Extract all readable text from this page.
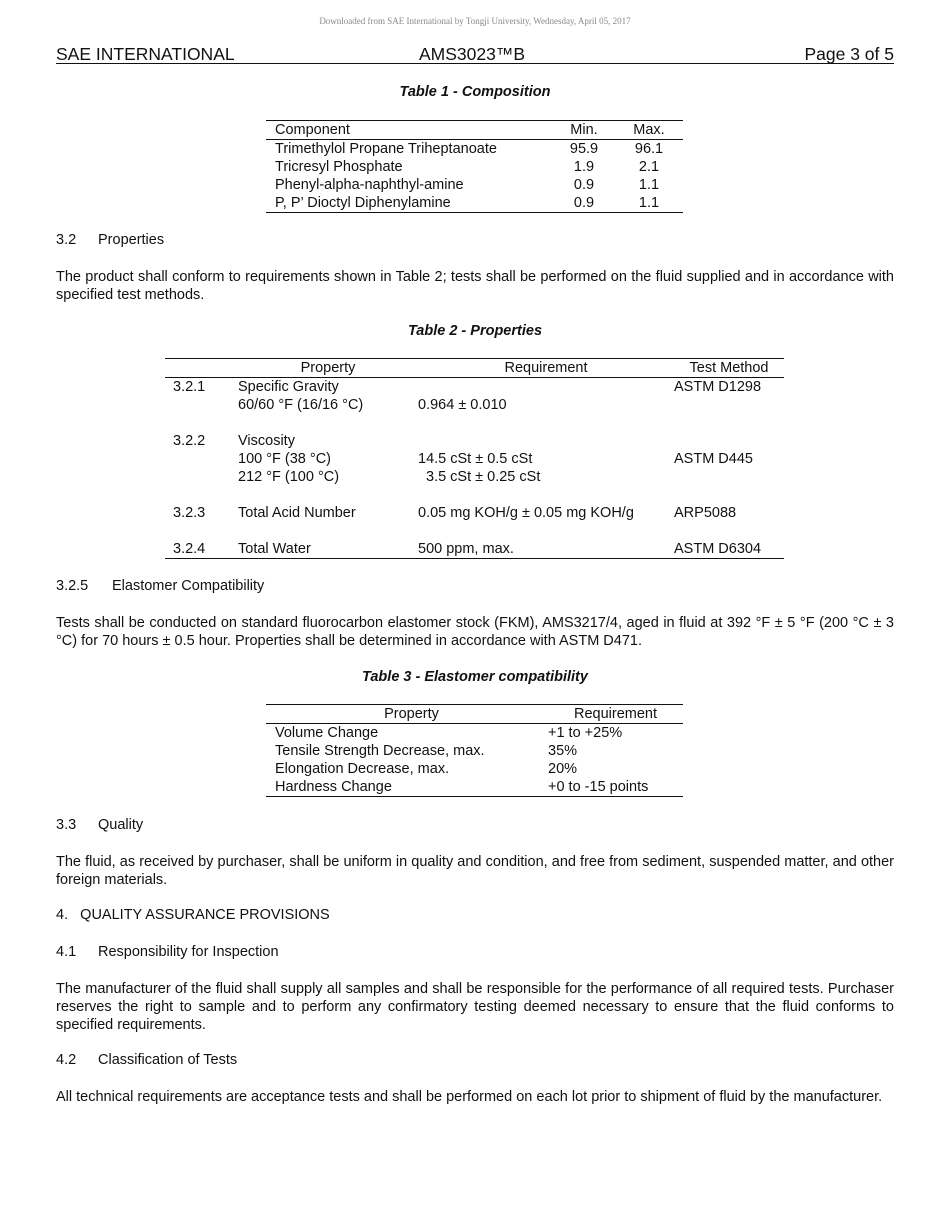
Downloaded from SAE International by Tongji University, Wednesday, April 05, 2017
SAE INTERNATIONAL	AMS3023™B	Page 3 of 5
Table 1 - Composition
Component	Min.	Max.
Trimethylol Propane Triheptanoate	95.9	96.1
Tricresyl Phosphate	1.9	2.1
Phenyl-alpha-naphthyl-amine	0.9	1.1
P, P’ Dioctyl Diphenylamine	0.9	1.1
3.2 Properties
The product shall conform to requirements shown in Table 2; tests shall be performed on the fluid supplied and in accordance with specified test methods.
Table 2 - Properties
	Property	Requirement	Test Method
3.2.1	Specific Gravity		ASTM D1298
	60/60 °F (16/16 °C)	0.964 ± 0.010	

3.2.2	Viscosity		
	100 °F (38 °C)	14.5 cSt ± 0.5 cSt	ASTM D445
	212 °F (100 °C)	3.5 cSt ± 0.25 cSt	

3.2.3	Total Acid Number	0.05 mg KOH/g ± 0.05 mg KOH/g	ARP5088

3.2.4	Total Water	500 ppm, max.	ASTM D6304
3.2.5 Elastomer Compatibility
Tests shall be conducted on standard fluorocarbon elastomer stock (FKM), AMS3217/4, aged in fluid at 392 °F ± 5 °F (200 °C ± 3 °C) for 70 hours ± 0.5 hour. Properties shall be determined in accordance with ASTM D471.
Table 3 - Elastomer compatibility
Property	Requirement
Volume Change	+1 to +25%
Tensile Strength Decrease, max.	35%
Elongation Decrease, max.	20%
Hardness Change	+0 to -15 points
3.3 Quality
The fluid, as received by purchaser, shall be uniform in quality and condition, and free from sediment, suspended matter, and other foreign materials.
4.   QUALITY ASSURANCE PROVISIONS
4.1 Responsibility for Inspection
The manufacturer of the fluid shall supply all samples and shall be responsible for the performance of all required tests. Purchaser reserves the right to sample and to perform any confirmatory testing deemed necessary to ensure that the fluid conforms to specified requirements.
4.2 Classification of Tests
All technical requirements are acceptance tests and shall be performed on each lot prior to shipment of fluid by the manufacturer.
